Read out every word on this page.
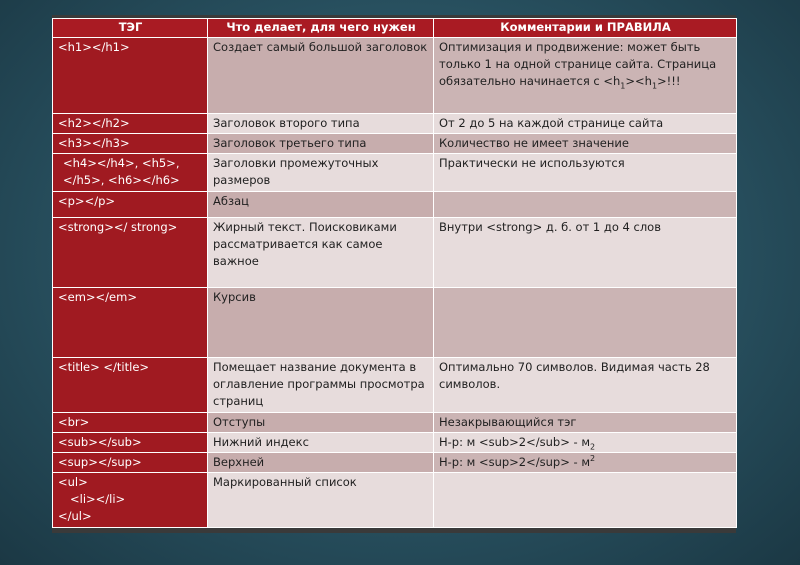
ТЭГ	Что делает, для чего нужен	Комментарии и ПРАВИЛА
<h1></h1>	Создает самый большой заголовок	Оптимизация и продвижение: может быть только 1 на одной странице сайта. Страница обязательно начинается $с <h_1><h_1>$!!!
<h2></h2>	Заголовок второго типа	От 2 до 5 на каждой странице сайта
<h3></h3>	Заголовок третьего типа	Количество не имеет значение
<h4></h4>, <h5>, </h5>, <h6></h6>	Заголовки промежуточных размеров	Практически не используются
<p></p>	Абзац	
<strong></ strong>	Жирный текст. Поисковиками рассматривается как самое важное	Внутри <strong> д. б. от 1 до 4 слов
<em></em>	Курсив	
<title> </title>	Помещает название документа в оглавление программы просмотра страниц	Оптимально 70 символов. Видимая часть 28 символов.
<br>	Отступы	Незакрывающийся тэг
<sub></sub>	Нижний индекс	Н-р: $м <sub>2</sub> - м_2$
<sup></sup>	Верхней	Н-р: $м <sup>2</sup> - м^2$

<ul>
<li></li>
</ul>	Маркированный список	
